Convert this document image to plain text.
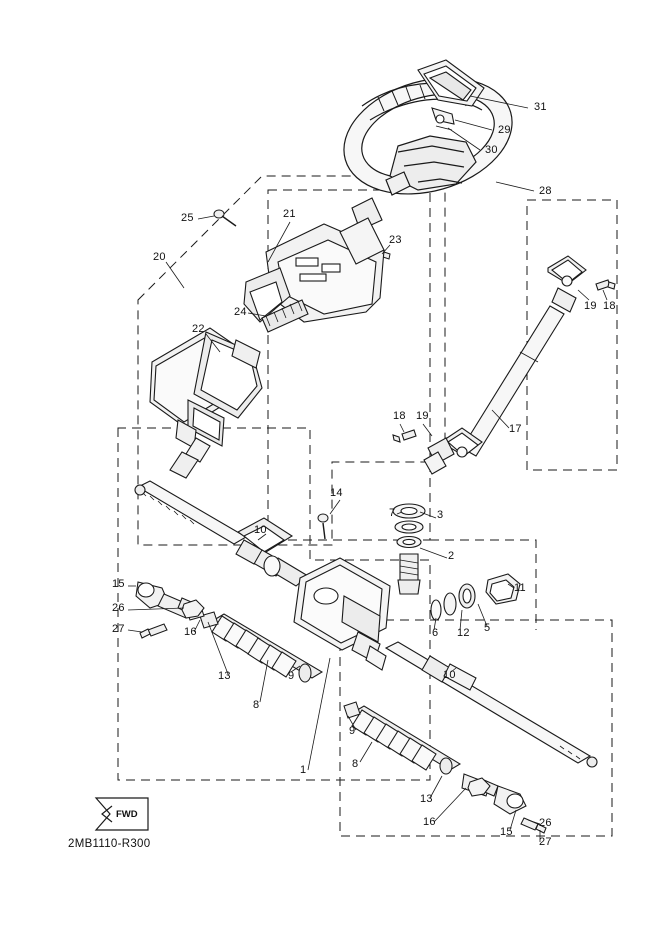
31
29
30
28
25	21
23
20
19 18
24
22
17
18 19
14
7	3
10
2
15
26
11
27	16	6 12 5
13	9	10
8
9
8
1
13
16
15
26
27
FWD
2MB1110-R300
